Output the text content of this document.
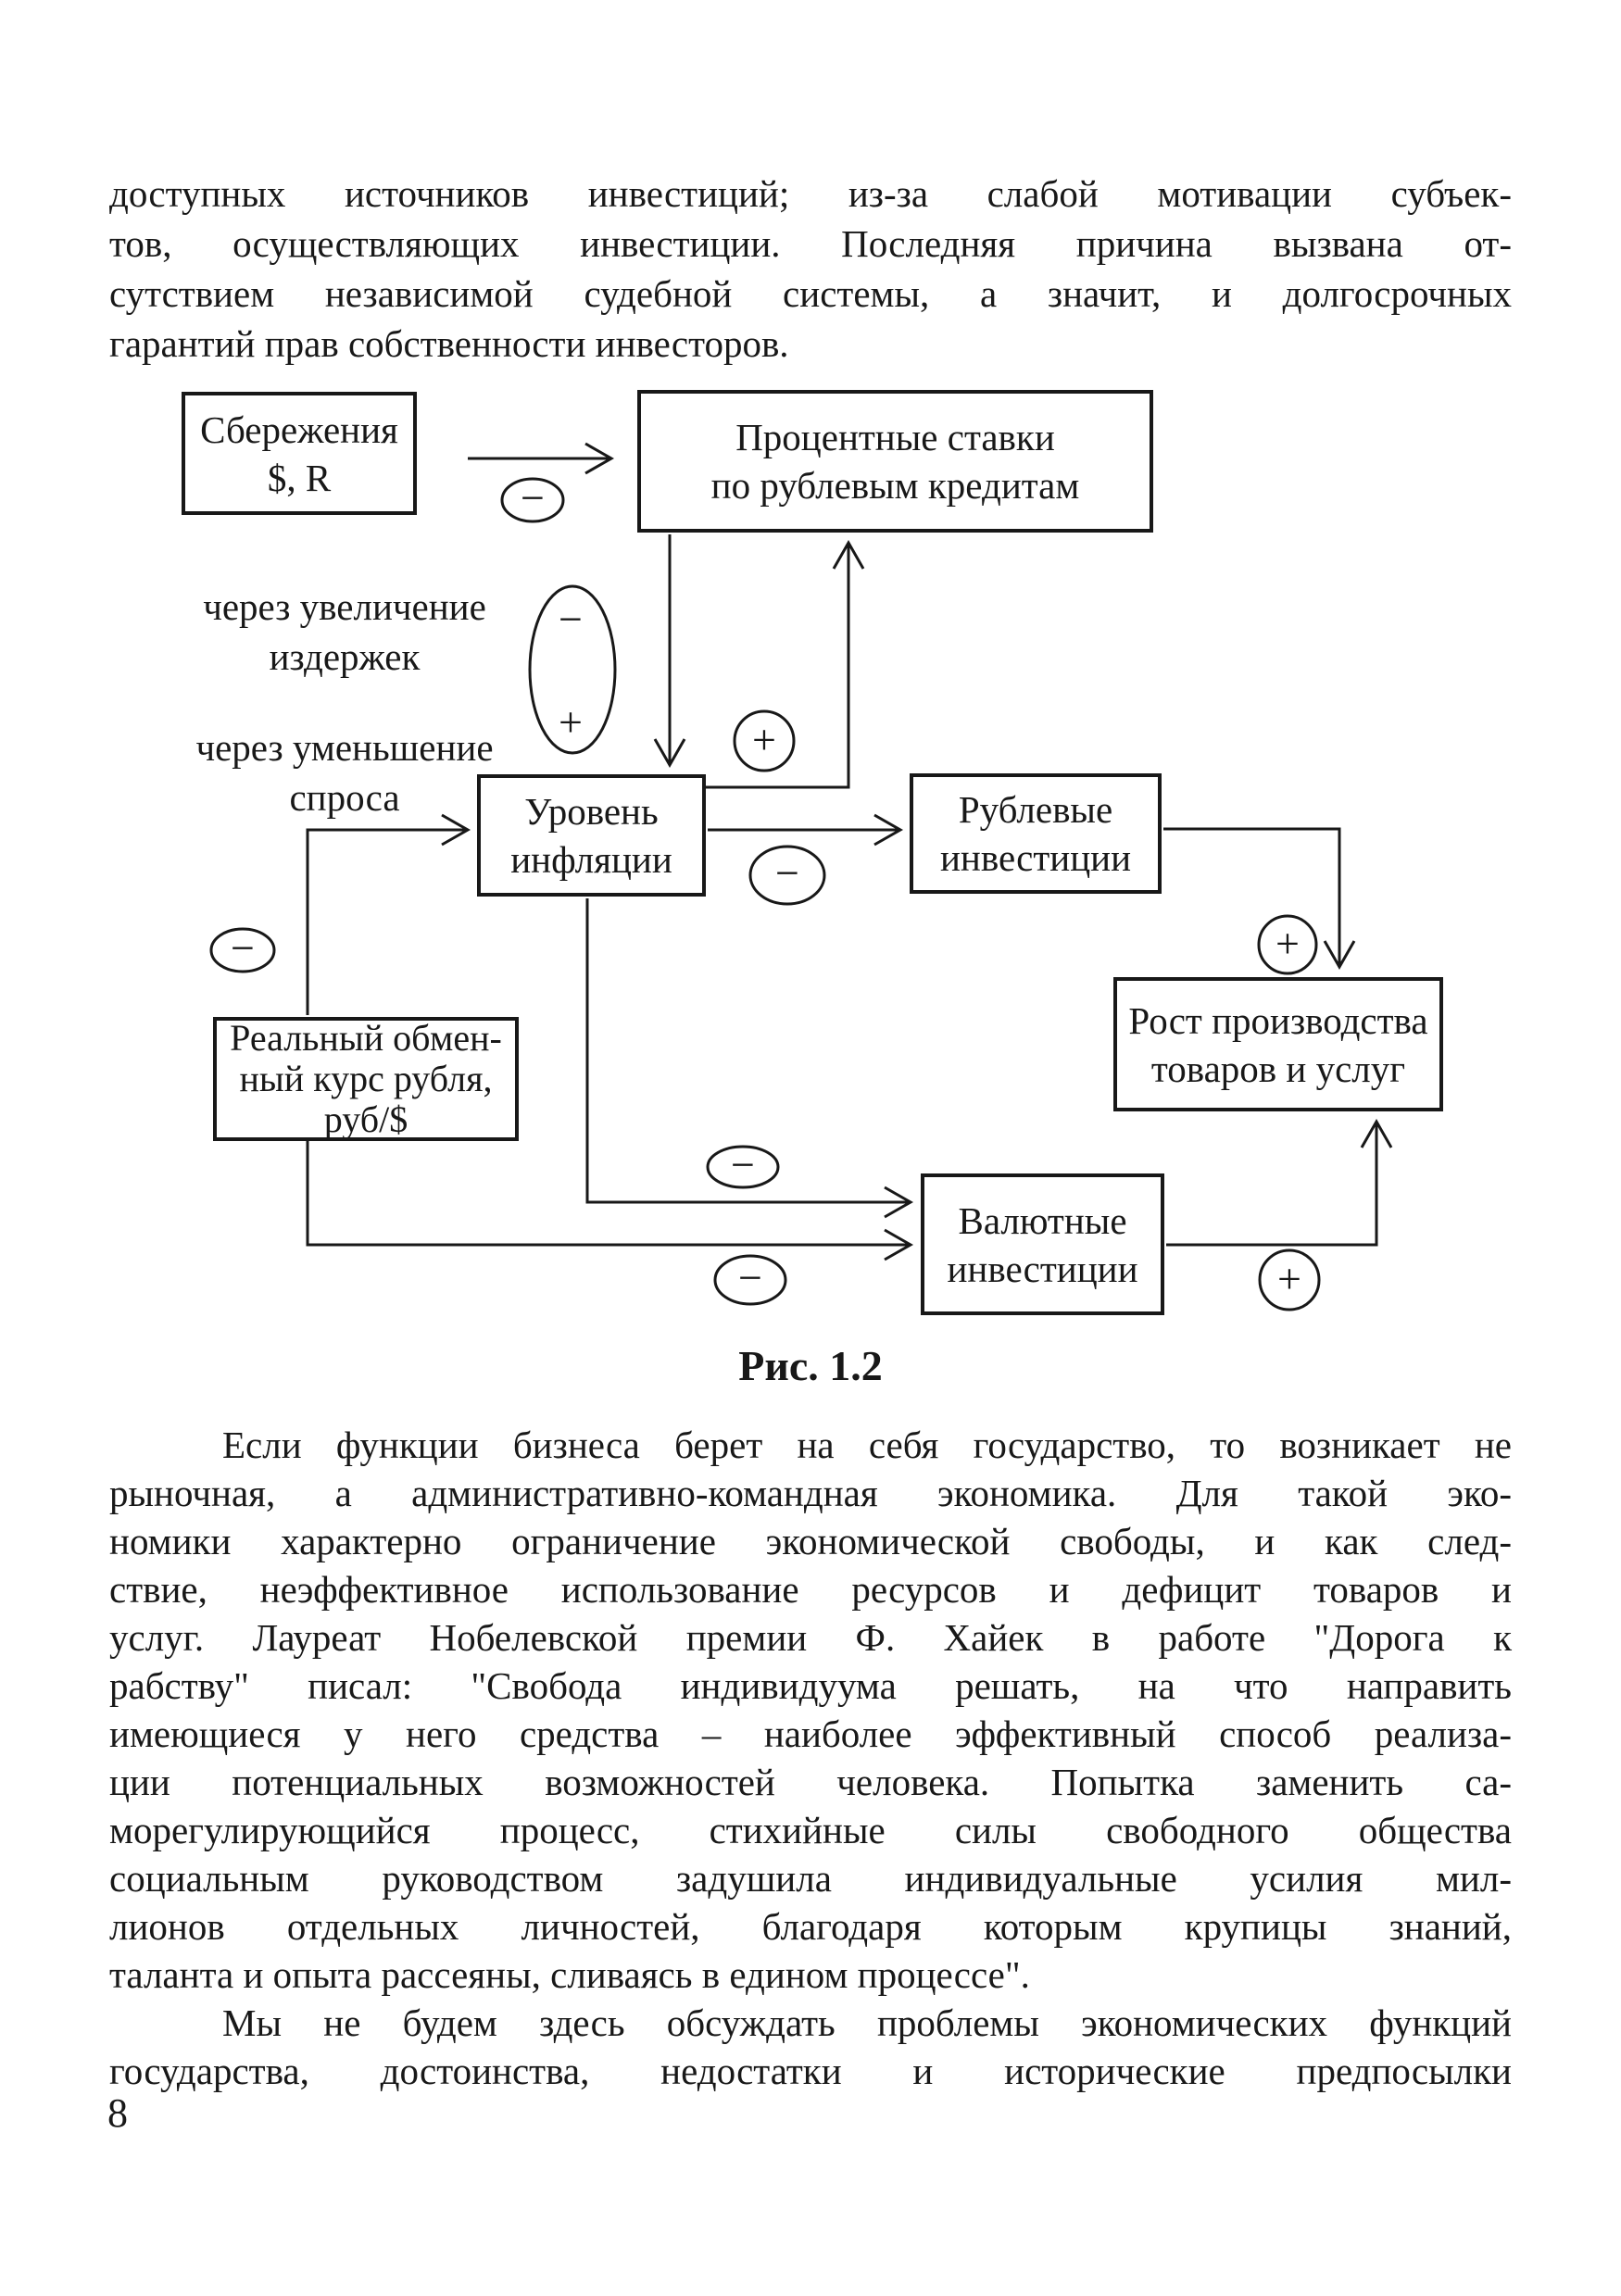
доступных источников инвестиций; из-за слабой мотивации субъек-
тов, осуществляющих инвестиции. Последняя причина вызвана от-
сутствием независимой судебной системы, а значит, и долгосрочных
гарантий прав собственности инвесторов.
−
−
+	+
−
−
+
−
−	+
Сбережения
$, R
Процентные ставки
по рублевым кредитам
Уровень
инфляции
Рублевые
инвестиции
Реальный обмен-
ный курс рубля,
руб/$
Рост производства
товаров и услуг
Валютные
инвестиции
через увеличение
издержек
через уменьшение
спроса
Рис. 1.2
Если функции бизнеса берет на себя государство, то возникает не
рыночная, а административно-командная экономика. Для такой эко-
номики характерно ограничение экономической свободы, и как след-
ствие, неэффективное использование ресурсов и дефицит товаров и
услуг. Лауреат Нобелевской премии Ф. Хайек в работе "Дорога к
рабству" писал: "Свобода индивидуума решать, на что направить
имеющиеся у него средства – наиболее эффективный способ реализа-
ции потенциальных возможностей человека. Попытка заменить са-
морегулирующийся процесс, стихийные силы свободного общества
социальным руководством задушила индивидуальные усилия мил-
лионов отдельных личностей, благодаря которым крупицы знаний,
таланта и опыта рассеяны, сливаясь в едином процессе".
Мы не будем здесь обсуждать проблемы экономических функций
государства, достоинства, недостатки и исторические предпосылки
8
